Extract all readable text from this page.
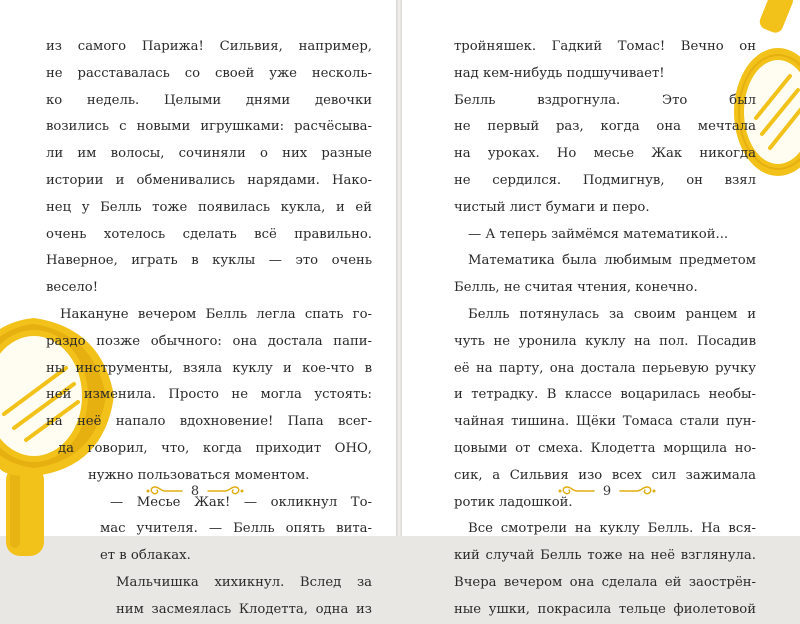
из самого Парижа! Сильвия, например,
не расставалась со своей уже несколь-
ко недель. Целыми днями девочки
возились с новыми игрушками: расчёсыва-
ли им волосы, сочиняли о них разные
истории и обменивались нарядами. Нако-
нец у Белль тоже появилась кукла, и ей
очень хотелось сделать всё правильно.
Наверное, играть в куклы — это очень
весело!
Накануне вечером Белль легла спать го-
раздо позже обычного: она достала папи-
ны инструменты, взяла куклу и кое-что в
ней изменила. Просто не могла устоять:
на неё напало вдохновение! Папа всег-
да говорил, что, когда приходит ОНО,
нужно пользоваться моментом.
— Месье Жак! — окликнул То-
мас учителя. — Белль опять вита-
ет в облаках.
Мальчишка хихикнул. Вслед за
ним засмеялась Клодетта, одна из
8
тройняшек. Гадкий Томас! Вечно он
над кем-нибудь подшучивает!
Белль вздрогнула. Это был
не первый раз, когда она мечтала
на уроках. Но месье Жак никогда
не сердился. Подмигнув, он взял
чистый лист бумаги и перо.
— А теперь займёмся математикой...
Математика была любимым предметом
Белль, не считая чтения, конечно.
Белль потянулась за своим ранцем и
чуть не уронила куклу на пол. Посадив
её на парту, она достала перьевую ручку
и тетрадку. В классе воцарилась необы-
чайная тишина. Щёки Томаса стали пун-
цовыми от смеха. Клодетта морщила но-
сик, а Сильвия изо всех сил зажимала
ротик ладошкой.
Все смотрели на куклу Белль. На вся-
кий случай Белль тоже на неё взглянула.
Вчера вечером она сделала ей заострён-
ные ушки, покрасила тельце фиолетовой
9
